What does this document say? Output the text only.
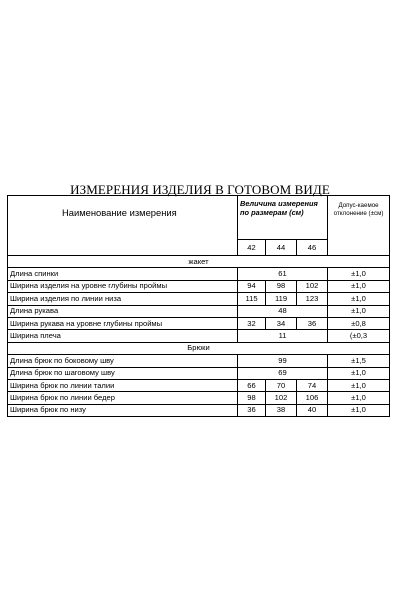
ИЗМЕРЕНИЯ ИЗДЕЛИЯ В ГОТОВОМ ВИДЕ
Наименование измерения	Величина измерения по размерам (см)			Допус-каемое отклонение (±см)
	42	44	46	
жакет				
Длина спинки	61			±1,0
Ширина изделия на уровне глубины проймы	94	98	102	±1,0
Ширина изделия по линии низа	115	119	123	±1,0
Длина рукава	48			±1,0
Ширина рукава на уровне глубины проймы	32	34	36	±0,8
Ширина плеча	11			(±0,3
Брюки				
Длина брюк по боковому шву	99			±1,5
Длина брюк по шаговому шву	69			±1,0
Ширина брюк по линии талии	66	70	74	±1,0
Ширина брюк по линии бедер	98	102	106	±1,0
Ширина брюк по низу	36	38	40	±1,0
